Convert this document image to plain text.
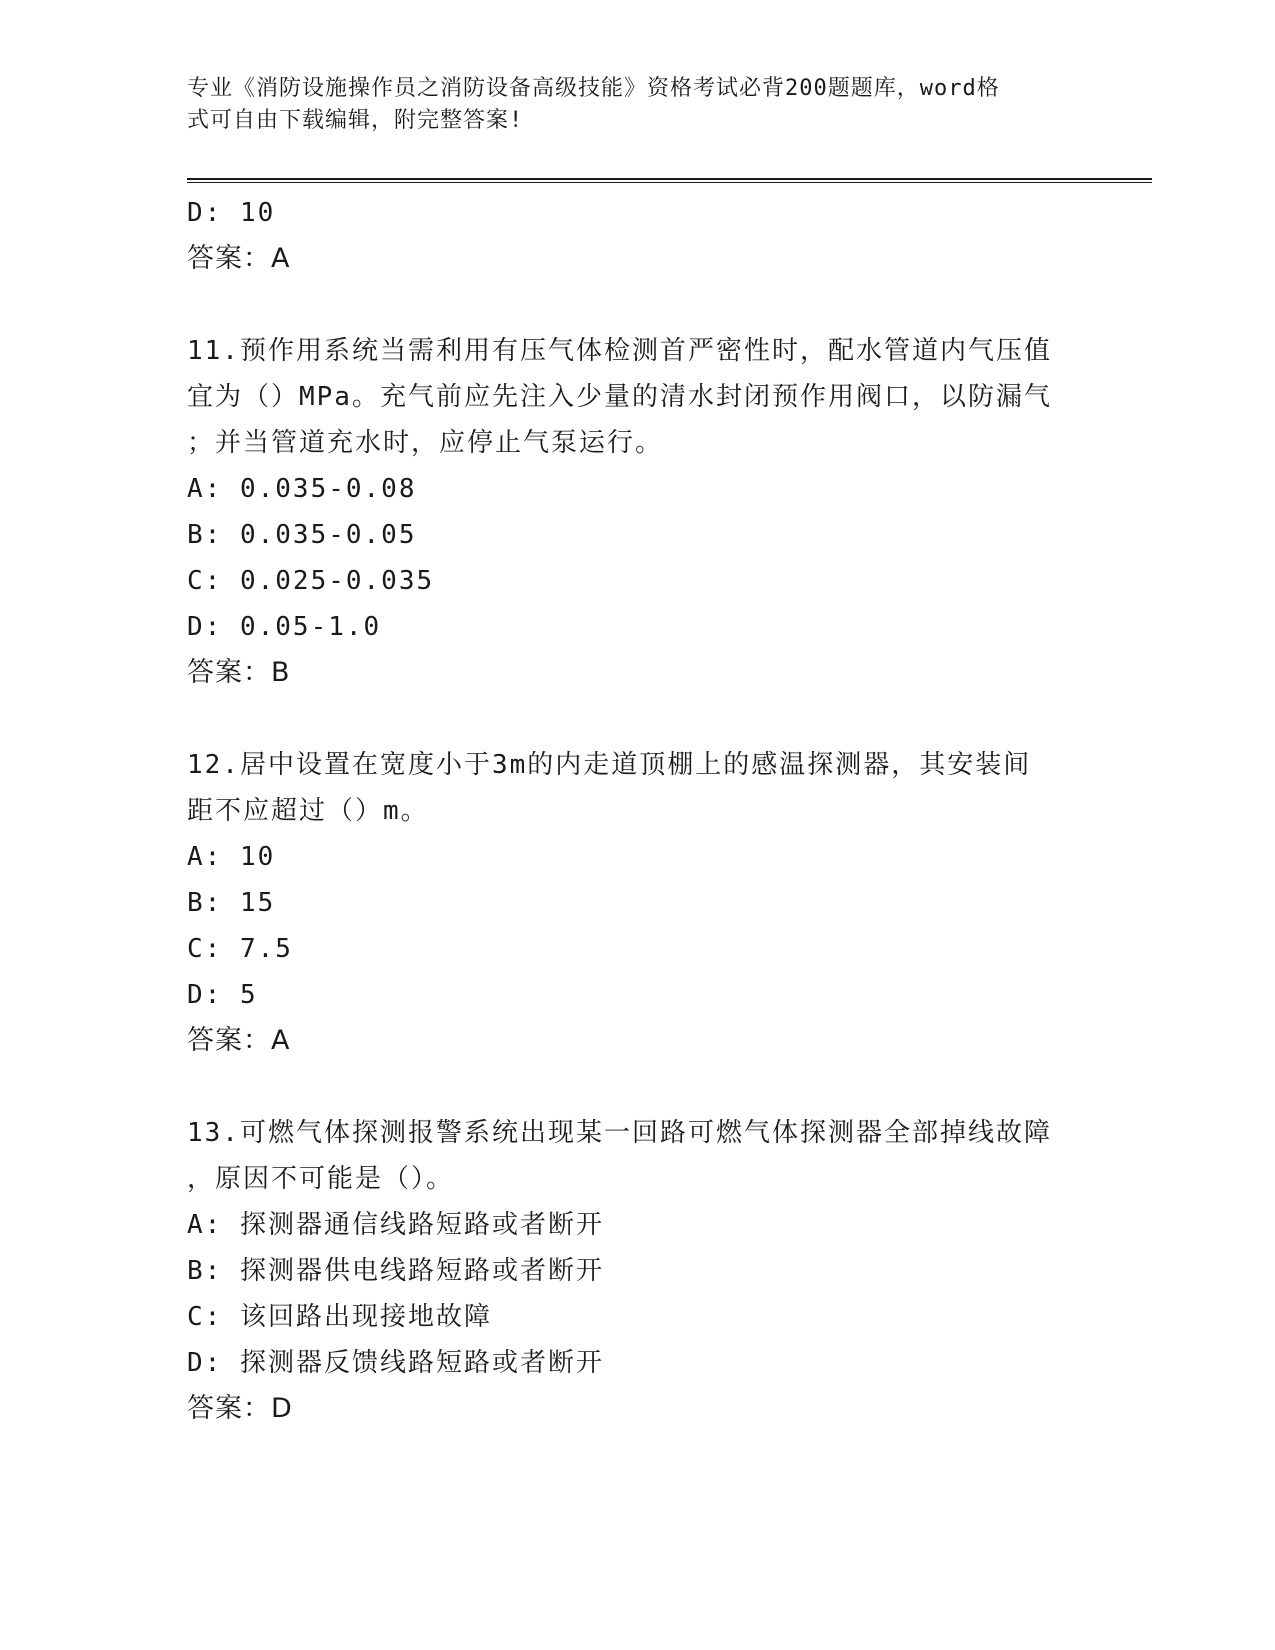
专业《消防设施操作员之消防设备高级技能》资格考试必背200题题库，word格
式可自由下载编辑，附完整答案!
D: 10
答案：A
11.预作用系统当需利用有压气体检测首严密性时，配水管道内气压值
宜为（）MPa。充气前应先注入少量的清水封闭预作用阀口，以防漏气
；并当管道充水时，应停止气泵运行。
A: 0.035-0.08
B: 0.035-0.05
C: 0.025-0.035
D: 0.05-1.0
答案：B
12.居中设置在宽度小于3m的内走道顶棚上的感温探测器，其安装间
距不应超过（）m。
A: 10
B: 15
C: 7.5
D: 5
答案：A
13.可燃气体探测报警系统出现某一回路可燃气体探测器全部掉线故障
，原因不可能是（）。
A: 探测器通信线路短路或者断开
B: 探测器供电线路短路或者断开
C: 该回路出现接地故障
D: 探测器反馈线路短路或者断开
答案：D
